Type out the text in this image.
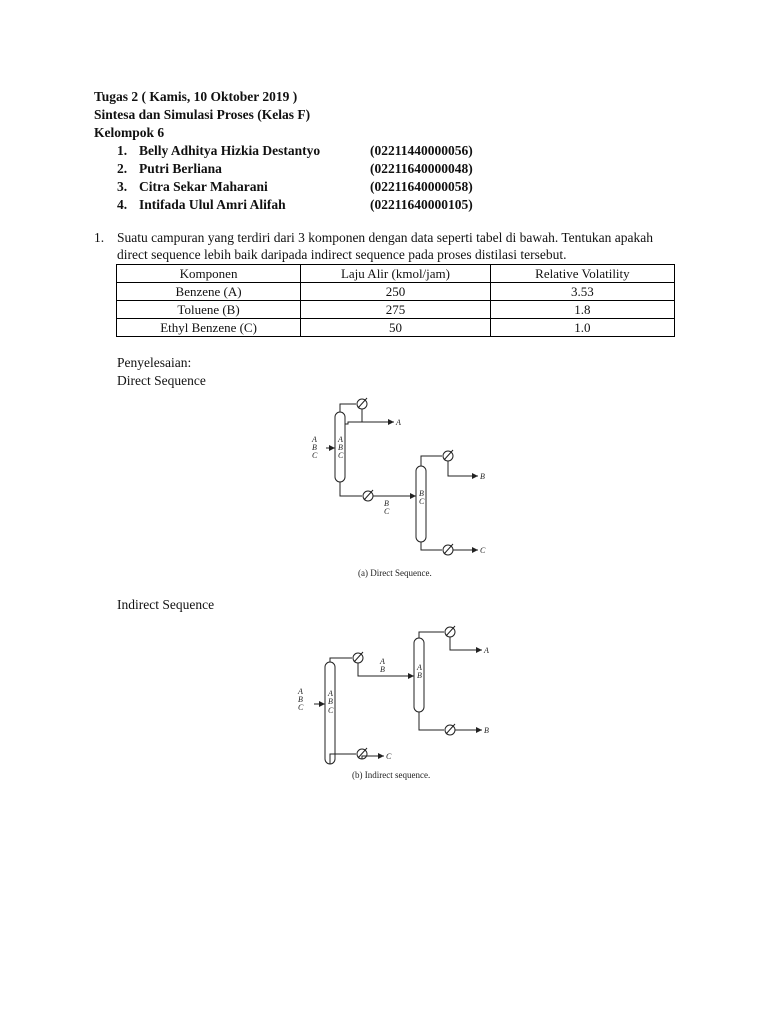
Tugas 2 ( Kamis, 10 Oktober 2019 )
Sintesa dan Simulasi Proses (Kelas F)
Kelompok 6
1. Belly Adhitya Hizkia Destantyo	(02211440000056)
2. Putri Berliana	(02211640000048)
3. Citra Sekar Maharani	(02211640000058)
4. Intifada Ulul Amri Alifah	(02211640000105)
1. Suatu campuran yang terdiri dari 3 komponen dengan data seperti tabel di bawah. Tentukan apakah direct sequence lebih baik daripada indirect sequence pada proses distilasi tersebut.
Komponen	Laju Alir (kmol/jam)	Relative Volatility
Benzene (A)	250	3.53
Toluene (B)	275	1.8
Ethyl Benzene (C)	50	1.0
Penyelesaian:
Direct Sequence
A
B
C
A
B
C
A
B
C
B
C
B
C
(a) Direct Sequence.
Indirect Sequence
A
B
C
A
B
C
A
B	A
B
A
B
C
(b) Indirect sequence.
